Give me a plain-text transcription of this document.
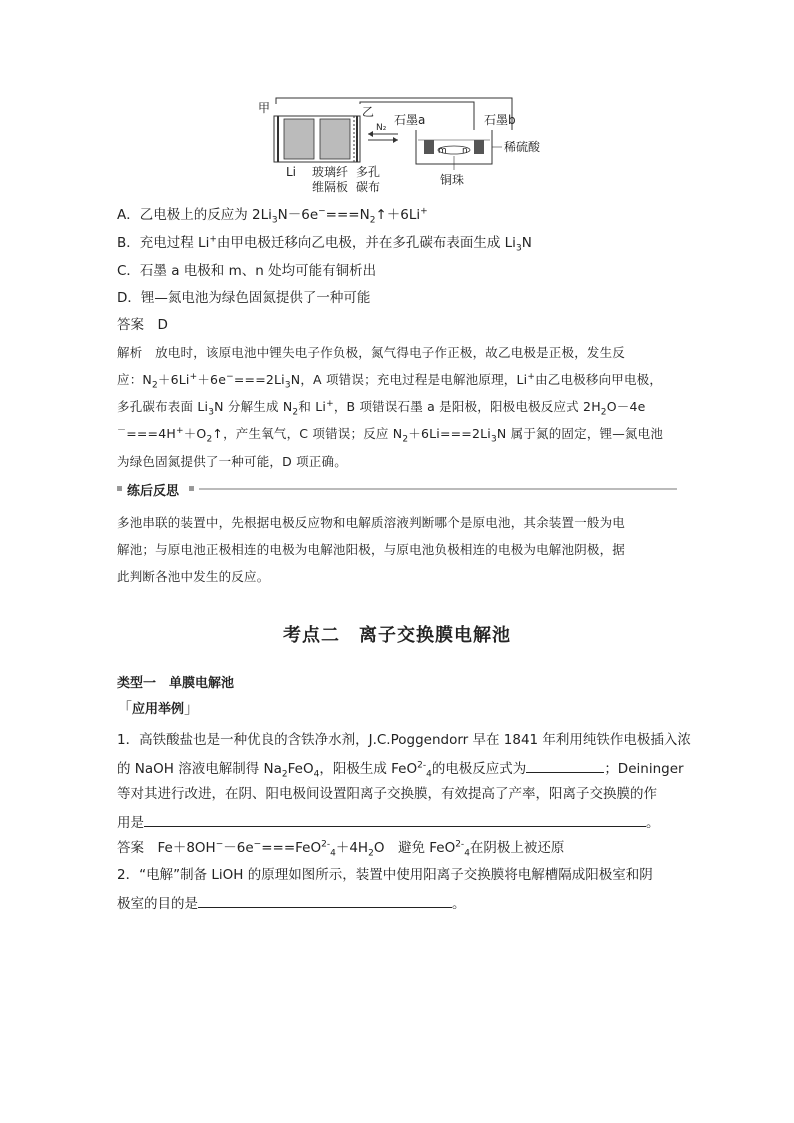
甲	乙
N₂
Li 玻璃纤
维隔板
多孔
碳布
石墨a	石墨b
稀硫酸
m n
铜珠
A．乙电极上的反应为 $2Li_3N-6e^-===N_2↑+6Li^+$
B．充电过程 Li+由甲电极迁移向乙电极，并在多孔碳布表面生成 $Li_3N$
C．石墨 a 电极和 m、n 处均可能有铜析出
D．锂—氮电池为绿色固氮提供了一种可能
答案　 D
解析　放电时，该原电池中锂失电子作负极，氮气得电子作正极，故乙电极是正极，发生反
应：$N_2+6Li^++6e^-===2Li_3N$，A 项错误；充电过程是电解池原理，Li+由乙电极移向甲电极，
多孔碳布表面 $Li_3N$ 分解生成 $N_2$和 Li+，B 项错误石墨 a 是阳极，阳极电极反应式 $2H_2O-4e$
$^-===4H^++O_2↑$，产生氧气，C 项错误；反应 $N_2+6Li===2Li_3N$ 属于氮的固定，锂—氮电池
为绿色固氮提供了一种可能，D 项正确。
练后反思
多池串联的装置中，先根据电极反应物和电解质溶液判断哪个是原电池，其余装置一般为电
解池；与原电池正极相连的电极为电解池阳极，与原电池负极相连的电极为电解池阴极，据
此判断各池中发生的反应。
考点二　离子交换膜电解池
类型一　单膜电解池
「应用举例」
1．高铁酸盐也是一种优良的含铁净水剂，J.C.Poggendorr 早在 1841 年利用纯铁作电极插入浓
的 NaOH 溶液电解制得 $Na_2FeO_4$，阳极生成 FeO$^{2-}_4$的电极反应式为	；Deininger
等对其进行改进，在阴、阳电极间设置阳离子交换膜，有效提高了产率，阳离子交换膜的作
用是	。
答案　 $Fe+8OH^--6e^-===FeO^{2-}_4+4H_2O$　 避免 FeO$^{2-}_4$在阴极上被还原
2．“电解”制备 LiOH 的原理如图所示，装置中使用阳离子交换膜将电解槽隔成阳极室和阴
极室的目的是	。
